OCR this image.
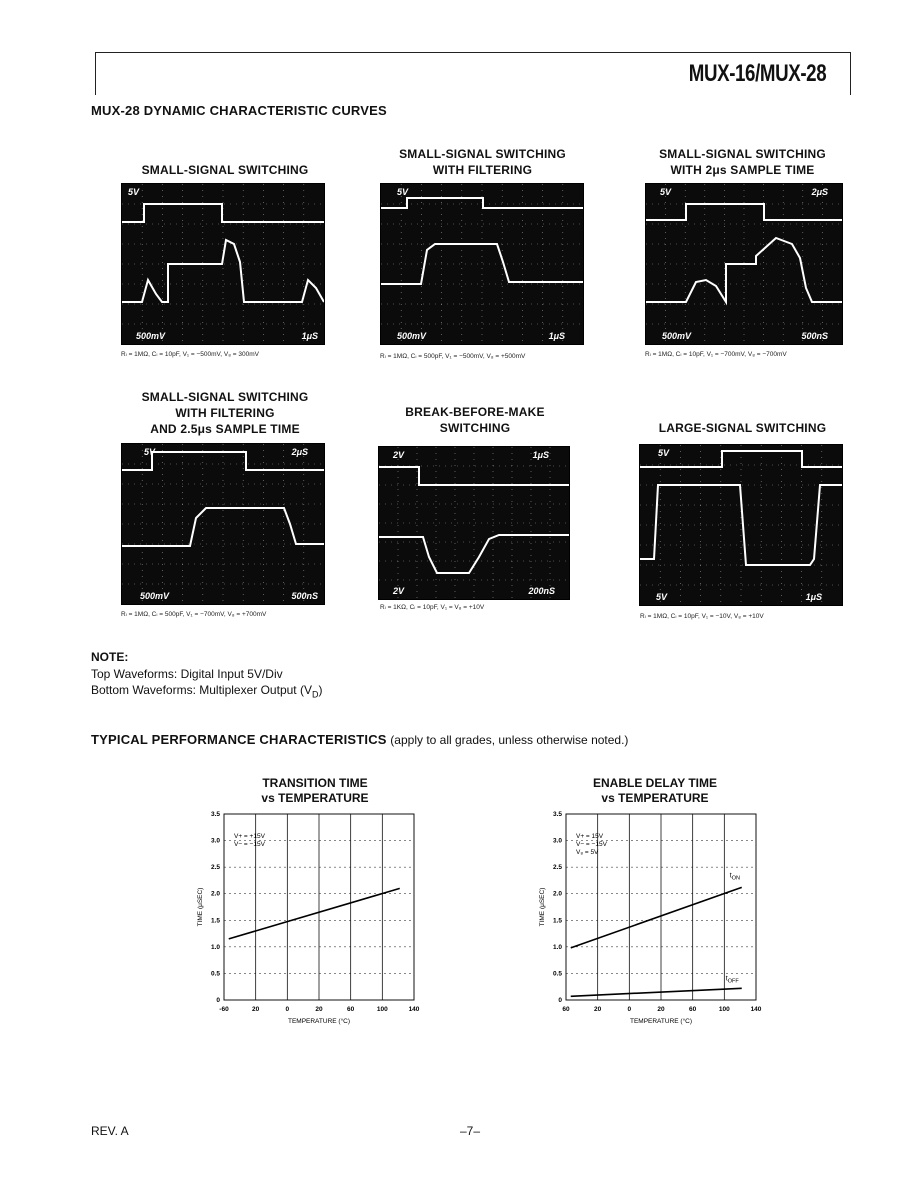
MUX-16/MUX-28
MUX-28 DYNAMIC CHARACTERISTIC CURVES
SMALL-SIGNAL SWITCHING
5V
500mV	1μS
Rₗ = 1MΩ, Cₗ = 10pF, V₁ = −500mV, V₈ = 300mV
SMALL-SIGNAL SWITCHING
WITH FILTERING
5V
500mV	1μS
Rₗ = 1MΩ, Cₗ = 500pF, V₁ = −500mV, V₈ = +500mV
SMALL-SIGNAL SWITCHING
WITH 2μs SAMPLE TIME
5V	2μS
500mV	500nS
Rₗ = 1MΩ, Cₗ = 10pF, V₁ = −700mV, V₈ = −700mV
SMALL-SIGNAL SWITCHING
WITH FILTERING
AND 2.5μs SAMPLE TIME
5V	2μS
500mV	500nS
Rₗ = 1MΩ, Cₗ = 500pF, V₁ = −700mV, V₈ = +700mV
BREAK-BEFORE-MAKE
SWITCHING
2V	1μS
2V	200nS
Rₗ = 1KΩ, Cₗ = 10pF, V₁ = V₈ = +10V
LARGE-SIGNAL SWITCHING
5V
5V	1μS
Rₗ = 1MΩ, Cₗ = 10pF, V₁ = −10V, V₈ = +10V
NOTE:
Top Waveforms: Digital Input 5V/Div
Bottom Waveforms: Multiplexer Output $(V_D)$
TYPICAL PERFORMANCE CHARACTERISTICS (apply to all grades, unless otherwise noted.)
TRANSITION TIME
vs TEMPERATURE
-60	20	0	20	60	100	140
0
0.5
1.0
1.5
2.0
2.5
3.0
3.5
TEMPERATURE (°C)
TIME (μSEC)
V+ = +15V
V− = −15V
ENABLE DELAY TIME
vs TEMPERATURE
60	20	0	20	60	100	140
0
0.5
1.0
1.5
2.0
2.5
3.0
3.5
TEMPERATURE (°C)
TIME (μSEC)
V+ = 15V
V− = −15V
V₈ = 5V
$t_{ON}$
$t_{OFF}$
REV. A	–7–
